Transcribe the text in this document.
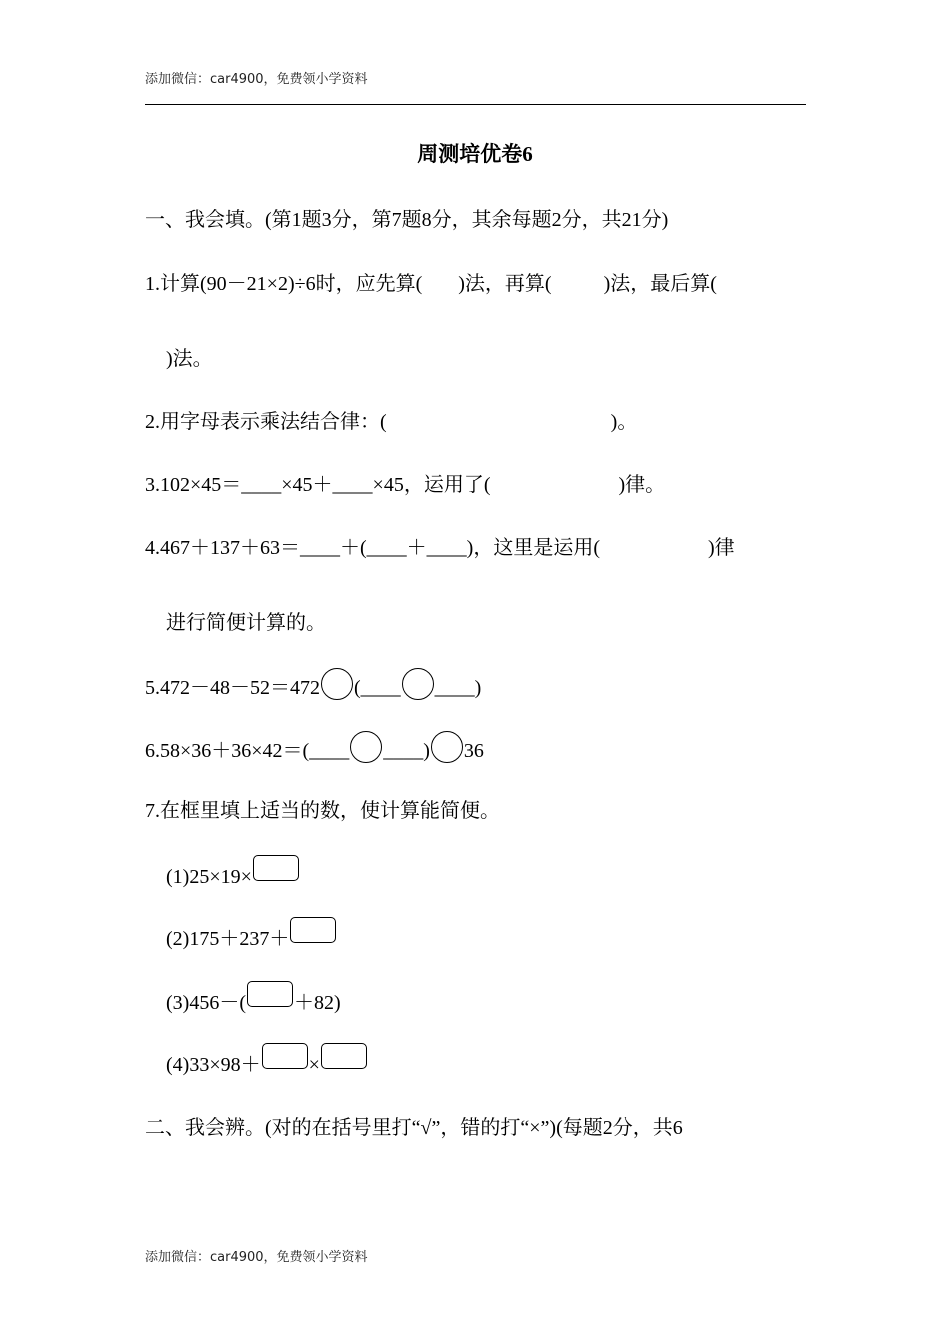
添加微信：car4900，免费领小学资料
周测培优卷6
一、我会填。(第1题3分，第7题8分，其余每题2分，共21分)
1.计算(90－21×2)÷6时，应先算( )法，再算(	)法，最后算(
)法。
2.用字母表示乘法结合律：(	)。
3.102×45＝____×45＋____×45，运用了(	)律。
4.467＋137＋63＝____＋(____＋____)，这里是运用(	)律
进行简便计算的。
5.472－48－52＝472 (____ ____)
6.58×36＋36×42＝(____ ____) 36
7.在框里填上适当的数，使计算能简便。
(1)25×19×
(2)175＋237＋
(3)456－( ＋82)
(4)33×98＋ ×
二、我会辨。(对的在括号里打“√”，错的打“×”)(每题2分，共6
添加微信：car4900，免费领小学资料
